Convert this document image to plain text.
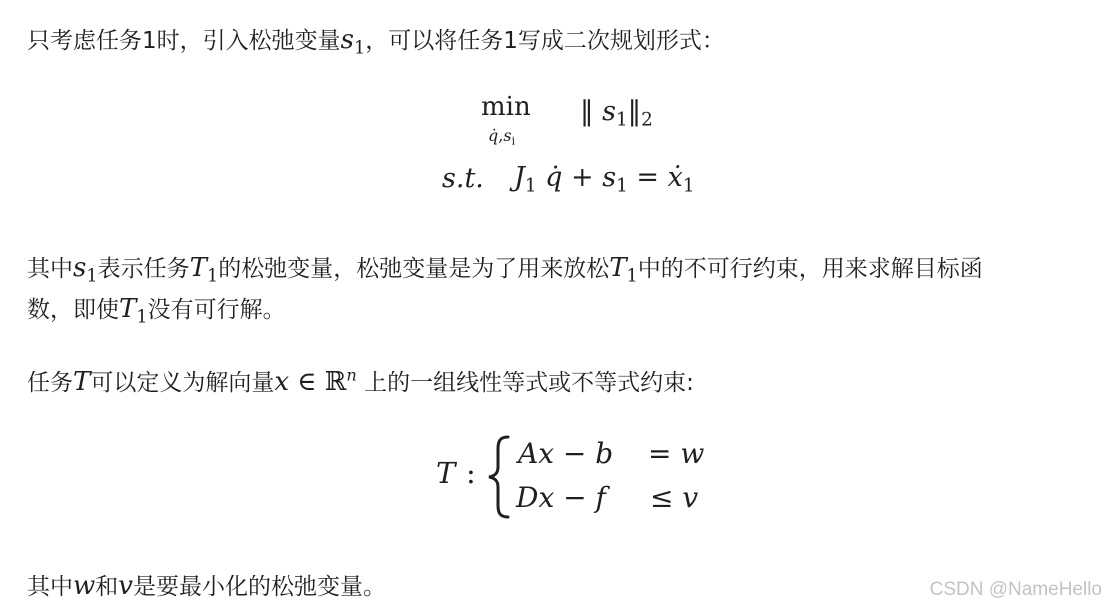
只考虑任务1时，引入松弛变量$s_1$，可以将任务1写成二次规划形式：
min
$q̇,s_i$
‖ $s_1‖_2$
s.t. $J_1$ q̇ + $s_1$ = ẋ$_1$
其中$s_1$表示任务$T_1$的松弛变量，松弛变量是为了用来放松$T_1$中的不可行约束，用来求解目标函
数，即使$T_1$没有可行解。
任务T可以定义为解向量x ∈ ℝ$^n$ 上的一组线性等式或不等式约束:
T :
Ax − b = w
Dx − f ≤ v
其中w和v是要最小化的松弛变量。	CSDN @NameHello
